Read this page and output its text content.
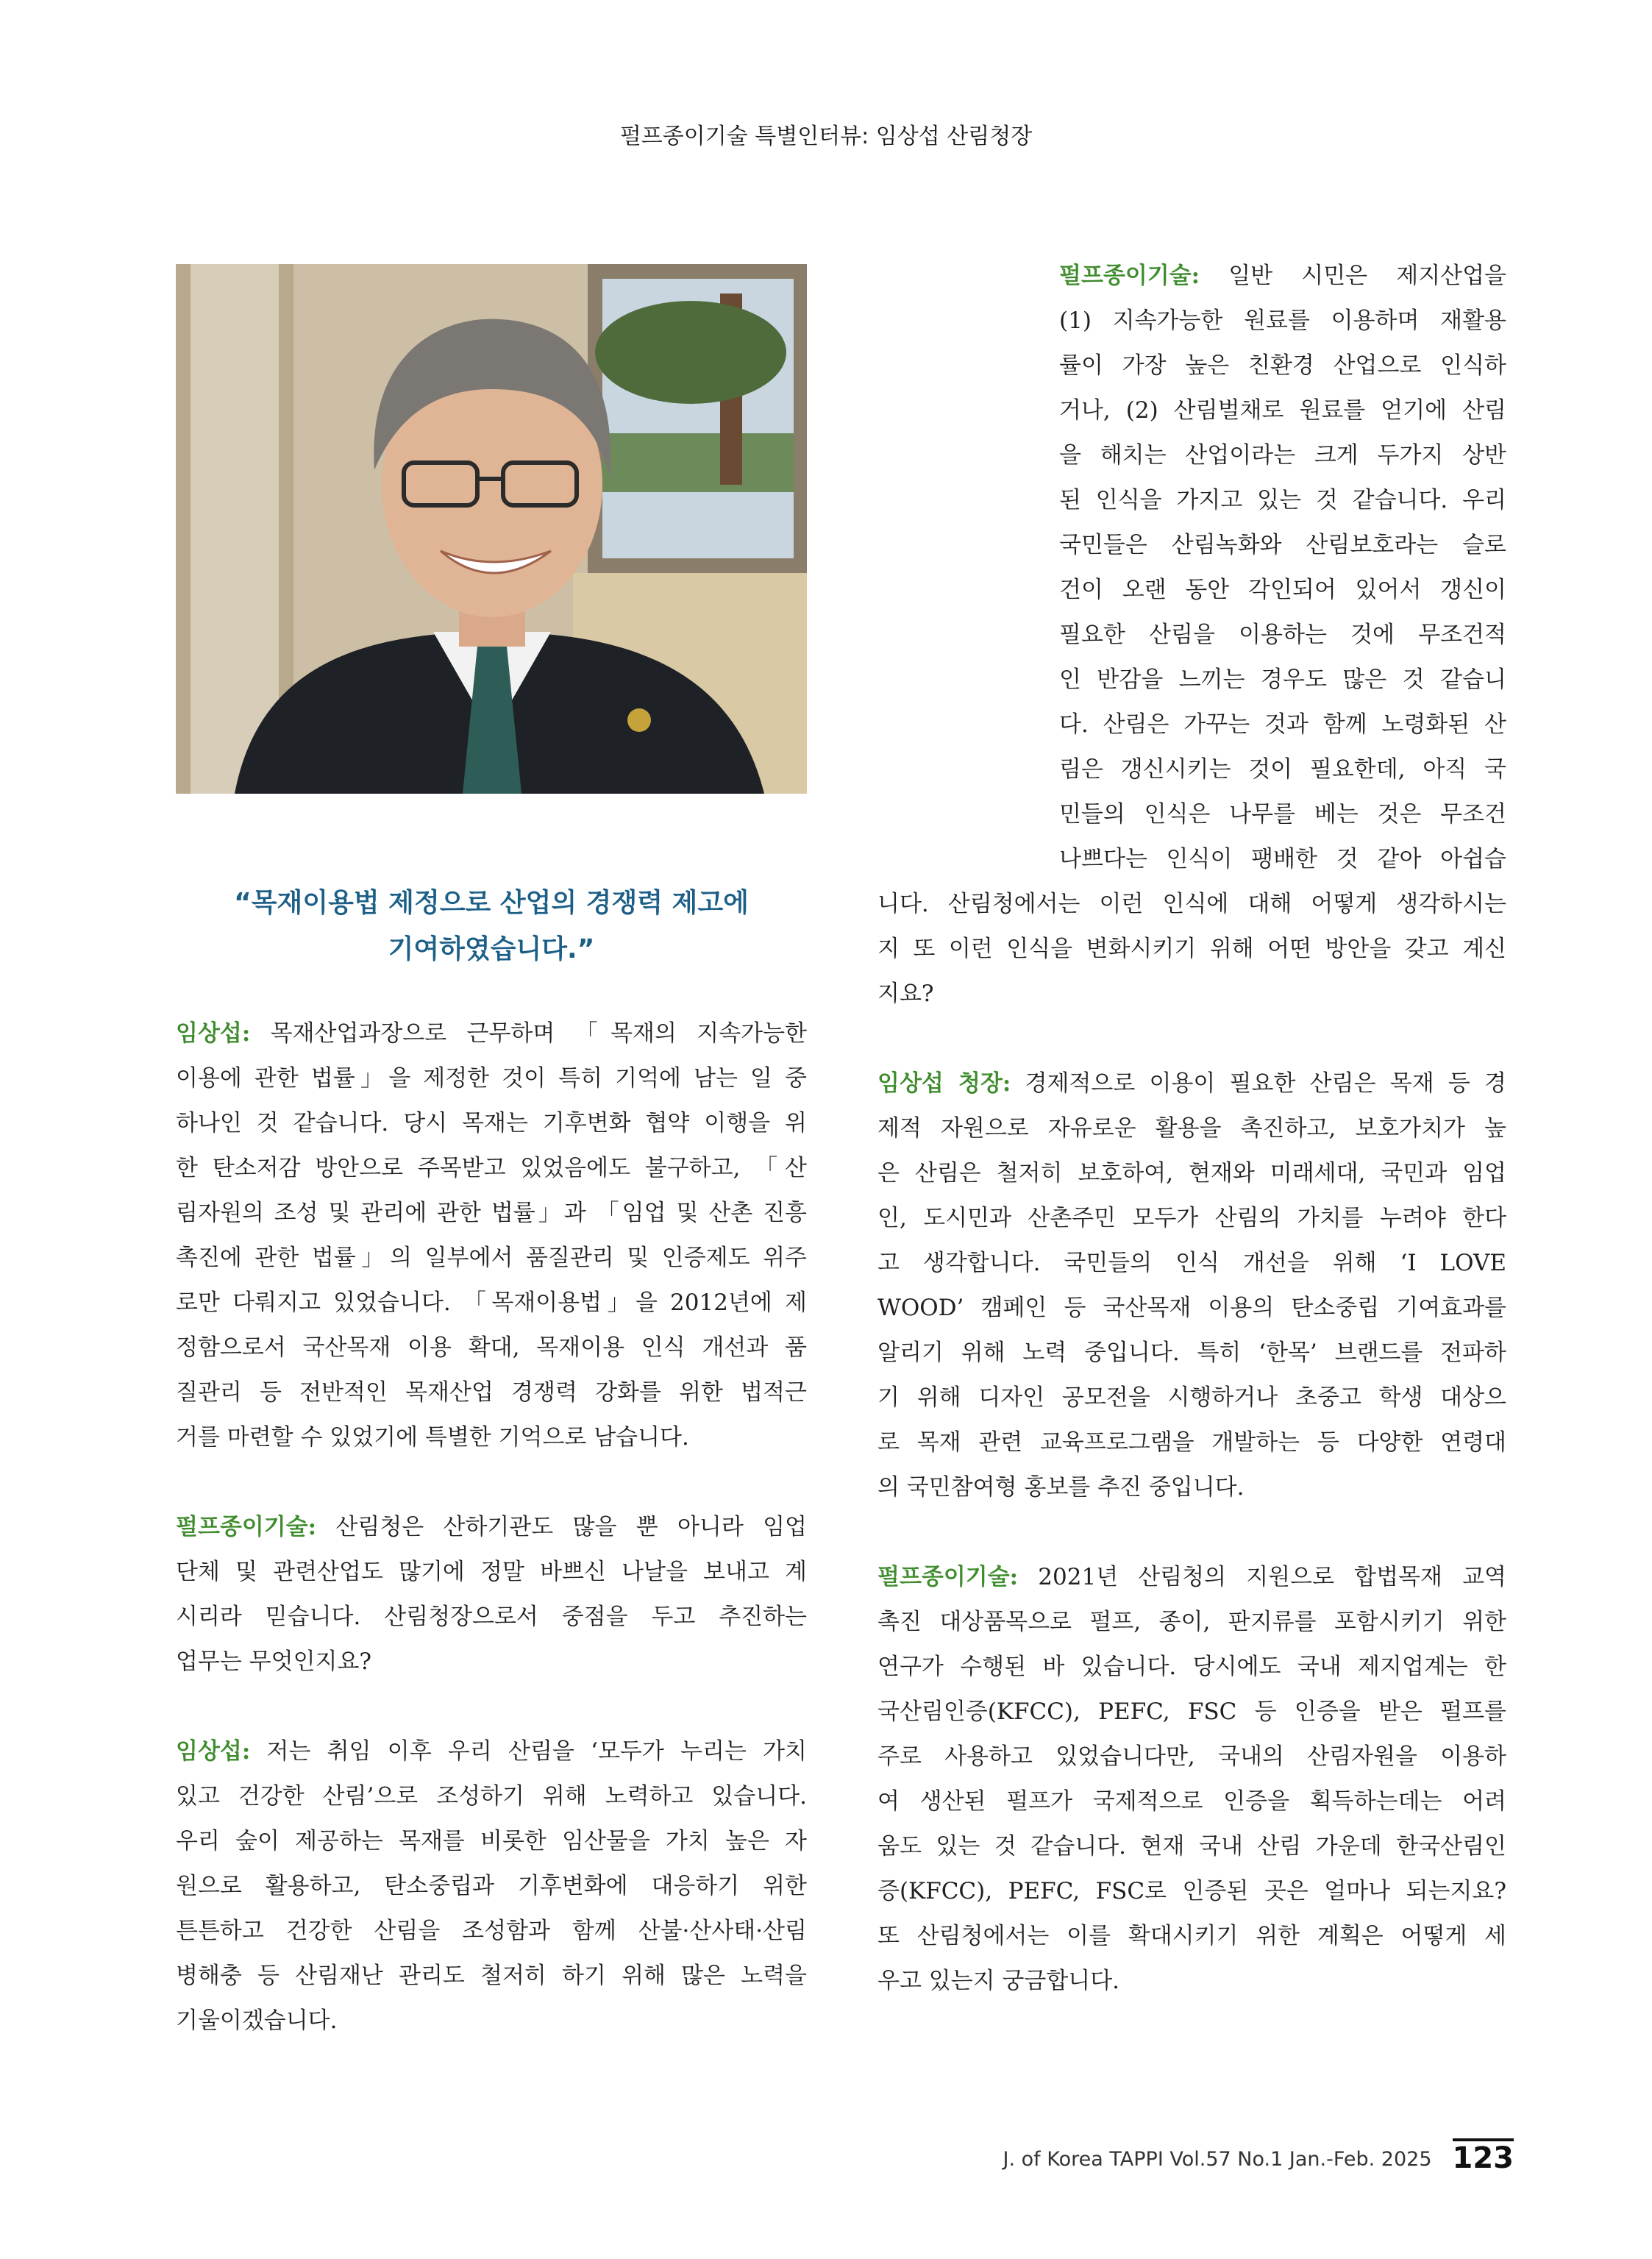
펄프종이기술 특별인터뷰: 임상섭 산림청장
“목재이용법 제정으로 산업의 경쟁력 제고에
기여하였습니다.”

임상섭: 목재산업과장으로 근무하며 「목재의 지속가능한

이용에 관한 법률」을 제정한 것이 특히 기억에 남는 일 중

하나인 것 같습니다. 당시 목재는 기후변화 협약 이행을 위

한 탄소저감 방안으로 주목받고 있었음에도 불구하고, 「산

림자원의 조성 및 관리에 관한 법률」과 「임업 및 산촌 진흥

촉진에 관한 법률」의 일부에서 품질관리 및 인증제도 위주

로만 다뤄지고 있었습니다. 「목재이용법」을 2012년에 제

정함으로서 국산목재 이용 확대, 목재이용 인식 개선과 품

질관리 등 전반적인 목재산업 경쟁력 강화를 위한 법적근

거를 마련할 수 있었기에 특별한 기억으로 남습니다.

펄프종이기술: 산림청은 산하기관도 많을 뿐 아니라 임업

단체 및 관련산업도 많기에 정말 바쁘신 나날을 보내고 계

시리라 믿습니다. 산림청장으로서 중점을 두고 추진하는

업무는 무엇인지요?

임상섭: 저는 취임 이후 우리 산림을 ‘모두가 누리는 가치

있고 건강한 산림’으로 조성하기 위해 노력하고 있습니다.

우리 숲이 제공하는 목재를 비롯한 임산물을 가치 높은 자

원으로 활용하고, 탄소중립과 기후변화에 대응하기 위한

튼튼하고 건강한 산림을 조성함과 함께 산불·산사태·산림

병해충 등 산림재난 관리도 철저히 하기 위해 많은 노력을

기울이겠습니다.

펄프종이기술: 일반 시민은 제지산업을

(1) 지속가능한 원료를 이용하며 재활용

률이 가장 높은 친환경 산업으로 인식하

거나, (2) 산림벌채로 원료를 얻기에 산림

을 해치는 산업이라는 크게 두가지 상반

된 인식을 가지고 있는 것 같습니다. 우리

국민들은 산림녹화와 산림보호라는 슬로

건이 오랜 동안 각인되어 있어서 갱신이

필요한 산림을 이용하는 것에 무조건적

인 반감을 느끼는 경우도 많은 것 같습니

다. 산림은 가꾸는 것과 함께 노령화된 산

림은 갱신시키는 것이 필요한데, 아직 국

민들의 인식은 나무를 베는 것은 무조건

나쁘다는 인식이 팽배한 것 같아 아쉽습

니다. 산림청에서는 이런 인식에 대해 어떻게 생각하시는

지 또 이런 인식을 변화시키기 위해 어떤 방안을 갖고 계신

지요?

임상섭 청장: 경제적으로 이용이 필요한 산림은 목재 등 경

제적 자원으로 자유로운 활용을 촉진하고, 보호가치가 높

은 산림은 철저히 보호하여, 현재와 미래세대, 국민과 임업

인, 도시민과 산촌주민 모두가 산림의 가치를 누려야 한다

고 생각합니다. 국민들의 인식 개선을 위해 ‘I LOVE

WOOD’ 캠페인 등 국산목재 이용의 탄소중립 기여효과를

알리기 위해 노력 중입니다. 특히 ‘한목’ 브랜드를 전파하

기 위해 디자인 공모전을 시행하거나 초중고 학생 대상으

로 목재 관련 교육프로그램을 개발하는 등 다양한 연령대

의 국민참여형 홍보를 추진 중입니다.

펄프종이기술: 2021년 산림청의 지원으로 합법목재 교역

촉진 대상품목으로 펄프, 종이, 판지류를 포함시키기 위한

연구가 수행된 바 있습니다. 당시에도 국내 제지업계는 한

국산림인증(KFCC), PEFC, FSC 등 인증을 받은 펄프를

주로 사용하고 있었습니다만, 국내의 산림자원을 이용하

여 생산된 펄프가 국제적으로 인증을 획득하는데는 어려

움도 있는 것 같습니다. 현재 국내 산림 가운데 한국산림인

증(KFCC), PEFC, FSC로 인증된 곳은 얼마나 되는지요?

또 산림청에서는 이를 확대시키기 위한 계획은 어떻게 세

우고 있는지 궁금합니다.

J. of Korea TAPPI Vol.57 No.1 Jan.-Feb. 2025 123
